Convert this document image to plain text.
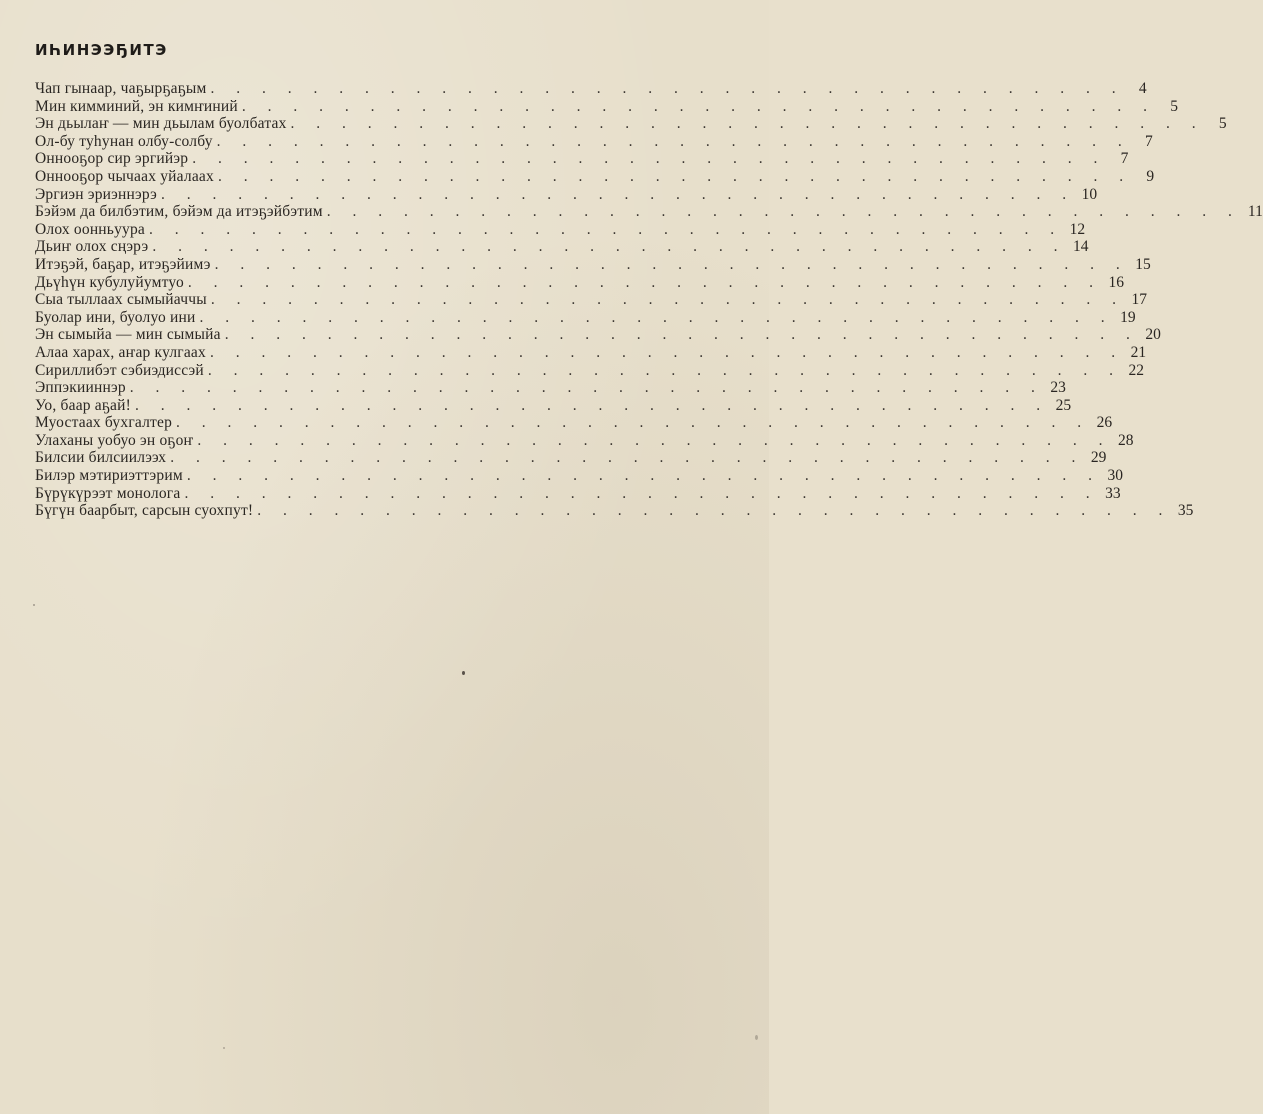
ИҺИНЭЭҔИТЭ
Чап гынаар, чаҕырҕаҕым . . . . . . . . . . . . . . . . . . . . . . . . . . . . . . . . . . . . 4
Мин кимминий, эн кимҥиний . . . . . . . . . . . . . . . . . . . . . . . . . . . . . . . . . . . . 5
Эн дьылаҥ — мин дьылам буолбатах . . . . . . . . . . . . . . . . . . . . . . . . . . . . . . . . . . . . 5
Ол-бу туһунан олбу-солбу . . . . . . . . . . . . . . . . . . . . . . . . . . . . . . . . . . . . 7
Оннооҕор сир эргийэр . . . . . . . . . . . . . . . . . . . . . . . . . . . . . . . . . . . . 7
Оннооҕор чычаах уйалаах . . . . . . . . . . . . . . . . . . . . . . . . . . . . . . . . . . . . 9
Эргиэн эриэннэрэ . . . . . . . . . . . . . . . . . . . . . . . . . . . . . . . . . . . . 10
Бэйэм да билбэтим, бэйэм да итэҕэйбэтим . . . . . . . . . . . . . . . . . . . . . . . . . . . . . . . . . . . . 11
Олох оонньуура . . . . . . . . . . . . . . . . . . . . . . . . . . . . . . . . . . . . 12
Дьиҥ олох сңэрэ . . . . . . . . . . . . . . . . . . . . . . . . . . . . . . . . . . . . 14
Итэҕэй, баҕар, итэҕэйимэ . . . . . . . . . . . . . . . . . . . . . . . . . . . . . . . . . . . . 15
Дьүһүн кубулуйумтуо . . . . . . . . . . . . . . . . . . . . . . . . . . . . . . . . . . . . 16
Сыа тыллаах сымыйаччы . . . . . . . . . . . . . . . . . . . . . . . . . . . . . . . . . . . . 17
Буолар ини, буолуо ини . . . . . . . . . . . . . . . . . . . . . . . . . . . . . . . . . . . . 19
Эн сымыйа — мин сымыйа . . . . . . . . . . . . . . . . . . . . . . . . . . . . . . . . . . . . 20
Алаа харах, аҥар кулгаах . . . . . . . . . . . . . . . . . . . . . . . . . . . . . . . . . . . . 21
Сириллибэт сэбиэдиссэй . . . . . . . . . . . . . . . . . . . . . . . . . . . . . . . . . . . . 22
Эппэкииннэр . . . . . . . . . . . . . . . . . . . . . . . . . . . . . . . . . . . . 23
Уо, баар аҕай! . . . . . . . . . . . . . . . . . . . . . . . . . . . . . . . . . . . . 25
Муостаах бухгалтер . . . . . . . . . . . . . . . . . . . . . . . . . . . . . . . . . . . . 26
Улаханы уобуо эн оҕоҥ . . . . . . . . . . . . . . . . . . . . . . . . . . . . . . . . . . . . 28
Билсии билсиилээх . . . . . . . . . . . . . . . . . . . . . . . . . . . . . . . . . . . . 29
Билэр мэтириэттэрим . . . . . . . . . . . . . . . . . . . . . . . . . . . . . . . . . . . . 30
Бүрүкүрээт монолога . . . . . . . . . . . . . . . . . . . . . . . . . . . . . . . . . . . . 33
Бүгүн баарбыт, сарсын суохпут! . . . . . . . . . . . . . . . . . . . . . . . . . . . . . . . . . . . . 35
